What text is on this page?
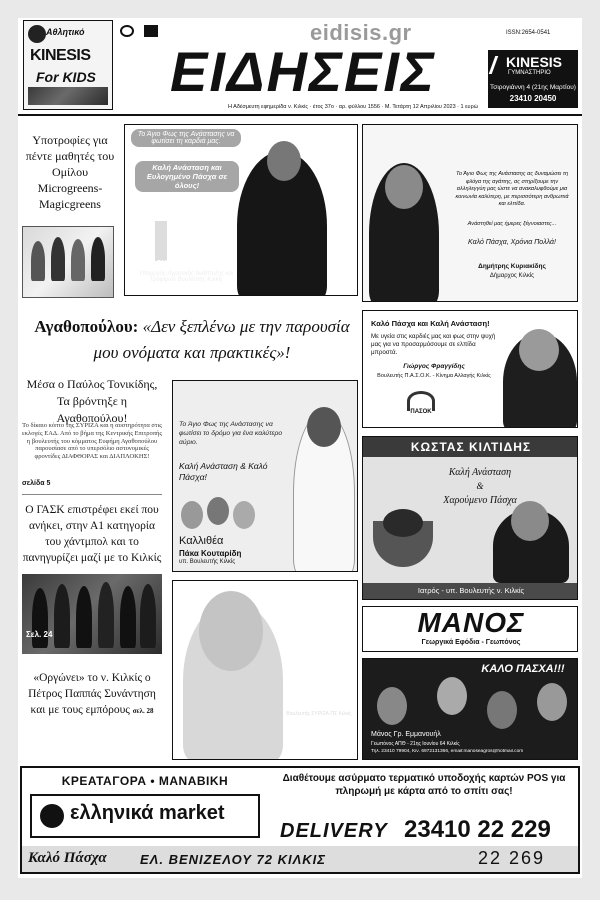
Αθλητικό
KINESIS
For KIDS

eidisis.gr	ISSN:2654-0541
ΕΙΔΗΣΕΙΣ	KINESIS
ΓΥΜΝΑΣΤΗΡΙΟ
Τσιρογιάννη 4 (21ης Μαρτίου)
23410 20450
Η Αδέσμευτη εφημερίδα ν. Κιλκίς · έτος 37ο · αρ. φύλλου 1556 · Μ. Τετάρτη 12 Απριλίου 2023 · 1 ευρώ
Υποτροφίες για πέντε μαθητές του Ομίλου Microgreens-Magicgreens
Αγαθοπούλου: «Δεν ξεπλένω με την παρουσία μου ονόματα και πρακτικές»!
Μέσα ο Παύλος Τονικίδης, Τα βρόντηξε η Αγαθοπούλου!
Το δίκαιο κόπτο της ΣΥΡΙΖΑ και η αυστηρότητα στις εκλογές ΕΑΔ. Από το βήμα της Κεντρικής Επιτροπής η βουλευτής του κόμματος Ευφήμη Αγαθοπούλου παρουσίασε από το υπερσόλιο αστυνομικές φροντίδες ΔΙΑΦΘΟΡΑΣ και ΔΙΑΠΛΟΚΗΣ!
σελίδα 5
Ο ΓΑΣΚ επιστρέφει εκεί που ανήκει, στην Α1 κατηγορία του χάντμπολ και το πανηγυρίζει μαζί με το Κιλκίς
Σελ. 24
«Οργώνει» το ν. Κιλκίς ο Πέτρος Παππάς Συνάντηση και με τους εμπόρους σελ. 28
Το Άγιο Φως της Ανάστασης να φωτίσει τη καρδιά μας.
Καλή Ανάσταση και Ευλογημένο Πάσχα σε όλους!
Γιώργος Γεωργαντάς
Υπουργός Αγροτικής Ανάπτυξης και Τροφίμων Βουλευτής Κιλκίς
Το Άγιο Φως της Ανάστασης ας δυναμώσει τη φλόγα της αγάπης, ας στηρίξουμε την αλληλεγγύη μας ώστε να ανακαλυφθούμε μια κοινωνία καλύτερη, με περισσότερη ανθρωπιά και ελπίδα.
Ανάστηθεί μας ήμερες ξέγνοιαστες...
Καλό Πάσχα, Χρόνια Πολλά!
Δημήτρης Κυριακίδης
Δήμαρχος Κιλκίς
Καλό Πάσχα και Καλή Ανάσταση!
Με υγεία στις καρδιές μας και φως στην ψυχή μας για να προσαρμόσουμε σε ελπίδα μπροστά.
Γιώργος Φραγγίδης
Βουλευτής Π.Α.Σ.Ο.Κ. - Κίνημα Αλλαγής Κιλκίς
ΠΑΣΟΚ
Το Άγιο Φως της Ανάστασης να φωτίσει το δρόμο για ένα καλύτερο αύριο.
Καλή Ανάσταση & Καλό Πάσχα!
Καλλιθέα
Πάκα Κουταρίδη
υπ. Βουλευτής Κιλκίς
ΚΩΣΤΑΣ ΚΙΛΤΙΔΗΣ
Καλή Ανάσταση
&
Χαρούμενο Πάσχα
Ιατρός - υπ. Βουλευτής ν. Κιλκίς
Αξίζουμε καλύτερη, με ελπίδα για όλους.
ΚΑΛΟ ΠΑΣΧΑ
ΕΙΡΗΝΗ Ξ. ΑΥΓΟΥΣΤΙΔΟΥ
Βουλευτής ΣΥΡΙΖΑ-ΠΣ Κιλκίς
ΜΑΝΟΣ
Γεωργικά Εφόδια - Γεωπόνος
ΚΑΛΟ ΠΑΣΧΑ!!!
Μάνος Γρ. Εμμανουήλ
Γεωπόνος ΑΠΘ - 21ης Ιουνίου 64 Κιλκίς
Τηλ. 23410 79904, Κιν. 6972131366, email:manoseagros@hotmail.com
ΚΡΕΑΤΑΓΟΡΑ • ΜΑΝΑΒΙΚΗ
ελληνικά market
Διαθέτουμε ασύρματο τερματικό υποδοχής καρτών POS για πληρωμή με κάρτα από το σπίτι σας!
DELIVERY 23410 22 229
Καλό Πάσχα	ΕΛ. ΒΕΝΙΖΕΛΟΥ 72 ΚΙΛΚΙΣ	22 269
